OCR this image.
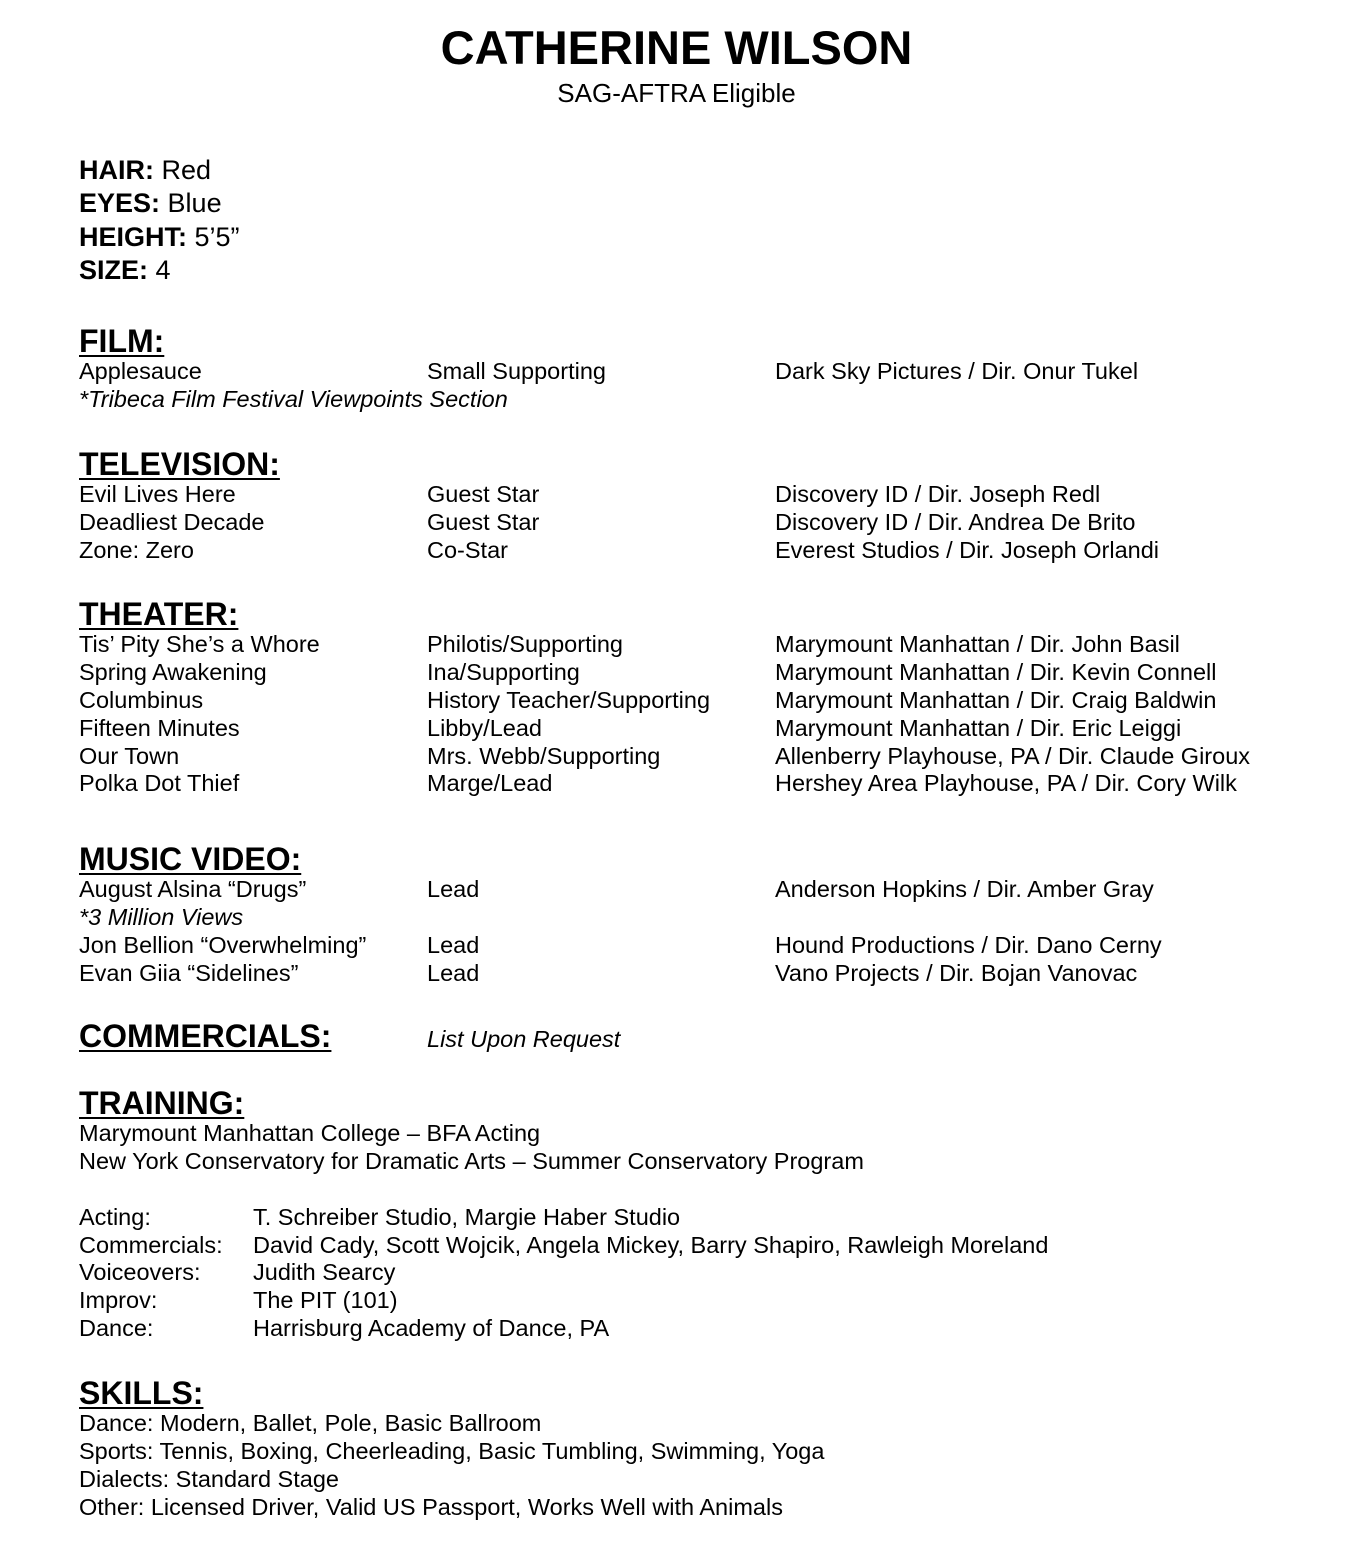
CATHERINE WILSON
SAG-AFTRA Eligible
HAIR: Red
EYES: Blue
HEIGHT: 5’5”
SIZE: 4
FILM:
Applesauce	Small Supporting	Dark Sky Pictures / Dir. Onur Tukel
*Tribeca Film Festival Viewpoints Section
TELEVISION:
Evil Lives Here	Guest Star	Discovery ID / Dir. Joseph Redl
Deadliest Decade	Guest Star	Discovery ID / Dir. Andrea De Brito
Zone: Zero	Co-Star	Everest Studios / Dir. Joseph Orlandi
THEATER:
Tis’ Pity She’s a Whore	Philotis/Supporting	Marymount Manhattan / Dir. John Basil
Spring Awakening	Ina/Supporting	Marymount Manhattan / Dir. Kevin Connell
Columbinus	History Teacher/Supporting	Marymount Manhattan / Dir. Craig Baldwin
Fifteen Minutes	Libby/Lead	Marymount Manhattan / Dir. Eric Leiggi
Our Town	Mrs. Webb/Supporting	Allenberry Playhouse, PA / Dir. Claude Giroux
Polka Dot Thief	Marge/Lead	Hershey Area Playhouse, PA / Dir. Cory Wilk
MUSIC VIDEO:
August Alsina “Drugs”	Lead	Anderson Hopkins / Dir. Amber Gray
*3 Million Views
Jon Bellion “Overwhelming”	Lead	Hound Productions / Dir. Dano Cerny
Evan Giia “Sidelines”	Lead	Vano Projects / Dir. Bojan Vanovac
COMMERCIALS:	List Upon Request
TRAINING:
Marymount Manhattan College – BFA Acting
New York Conservatory for Dramatic Arts – Summer Conservatory Program
Acting:	T. Schreiber Studio, Margie Haber Studio
Commercials: David Cady, Scott Wojcik, Angela Mickey, Barry Shapiro, Rawleigh Moreland
Voiceovers: Judith Searcy
Improv:	The PIT (101)
Dance:	Harrisburg Academy of Dance, PA
SKILLS:
Dance: Modern, Ballet, Pole, Basic Ballroom
Sports: Tennis, Boxing, Cheerleading, Basic Tumbling, Swimming, Yoga
Dialects: Standard Stage
Other: Licensed Driver, Valid US Passport, Works Well with Animals
